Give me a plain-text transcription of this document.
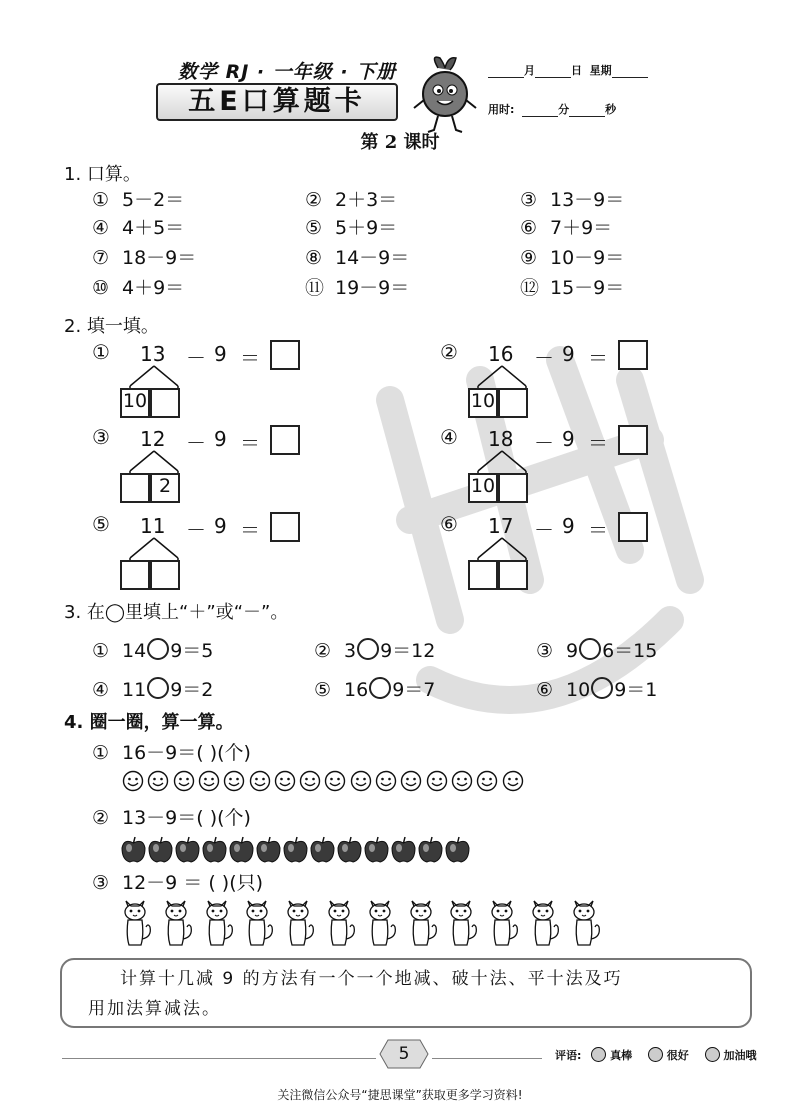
数学 RJ · 一年级 · 下册
五E口算题卡
月	日 星期
用时:	分	秒
第 2 课时
1. 口算。
① 5－2＝	② 2＋3＝	③ 13－9＝
④ 4＋5＝	⑤ 5＋9＝	⑥ 7＋9＝
⑦ 18－9＝	⑧ 14－9＝	⑨ 10－9＝
⑩ 4＋9＝	⑪ 19－9＝	⑫ 15－9＝
2. 填一填。
① 13 － 9 ＝
10
② 16 － 9 ＝
10
③ 12 － 9 ＝
2
④ 18 － 9 ＝
10
⑤ 11 － 9 ＝	⑥ 17 － 9 ＝
3. 在◯里填上“＋”或“－”。
① 14 9＝5	② 3 9＝12	③ 9 6＝15
④ 11 9＝2	⑤ 16 9＝7	⑥ 10 9＝1
4. 圈一圈，算一算。
① 16－9＝( )(个)
② 13－9＝( )(个)
③ 12－9 ＝ ( )(只)

计算十几减 9 的方法有一个一个地减、破十法、平十法及巧

用加法算减法。

5	评语:	真棒	很好	加油哦
关注微信公众号“捷思课堂”获取更多学习资料!
